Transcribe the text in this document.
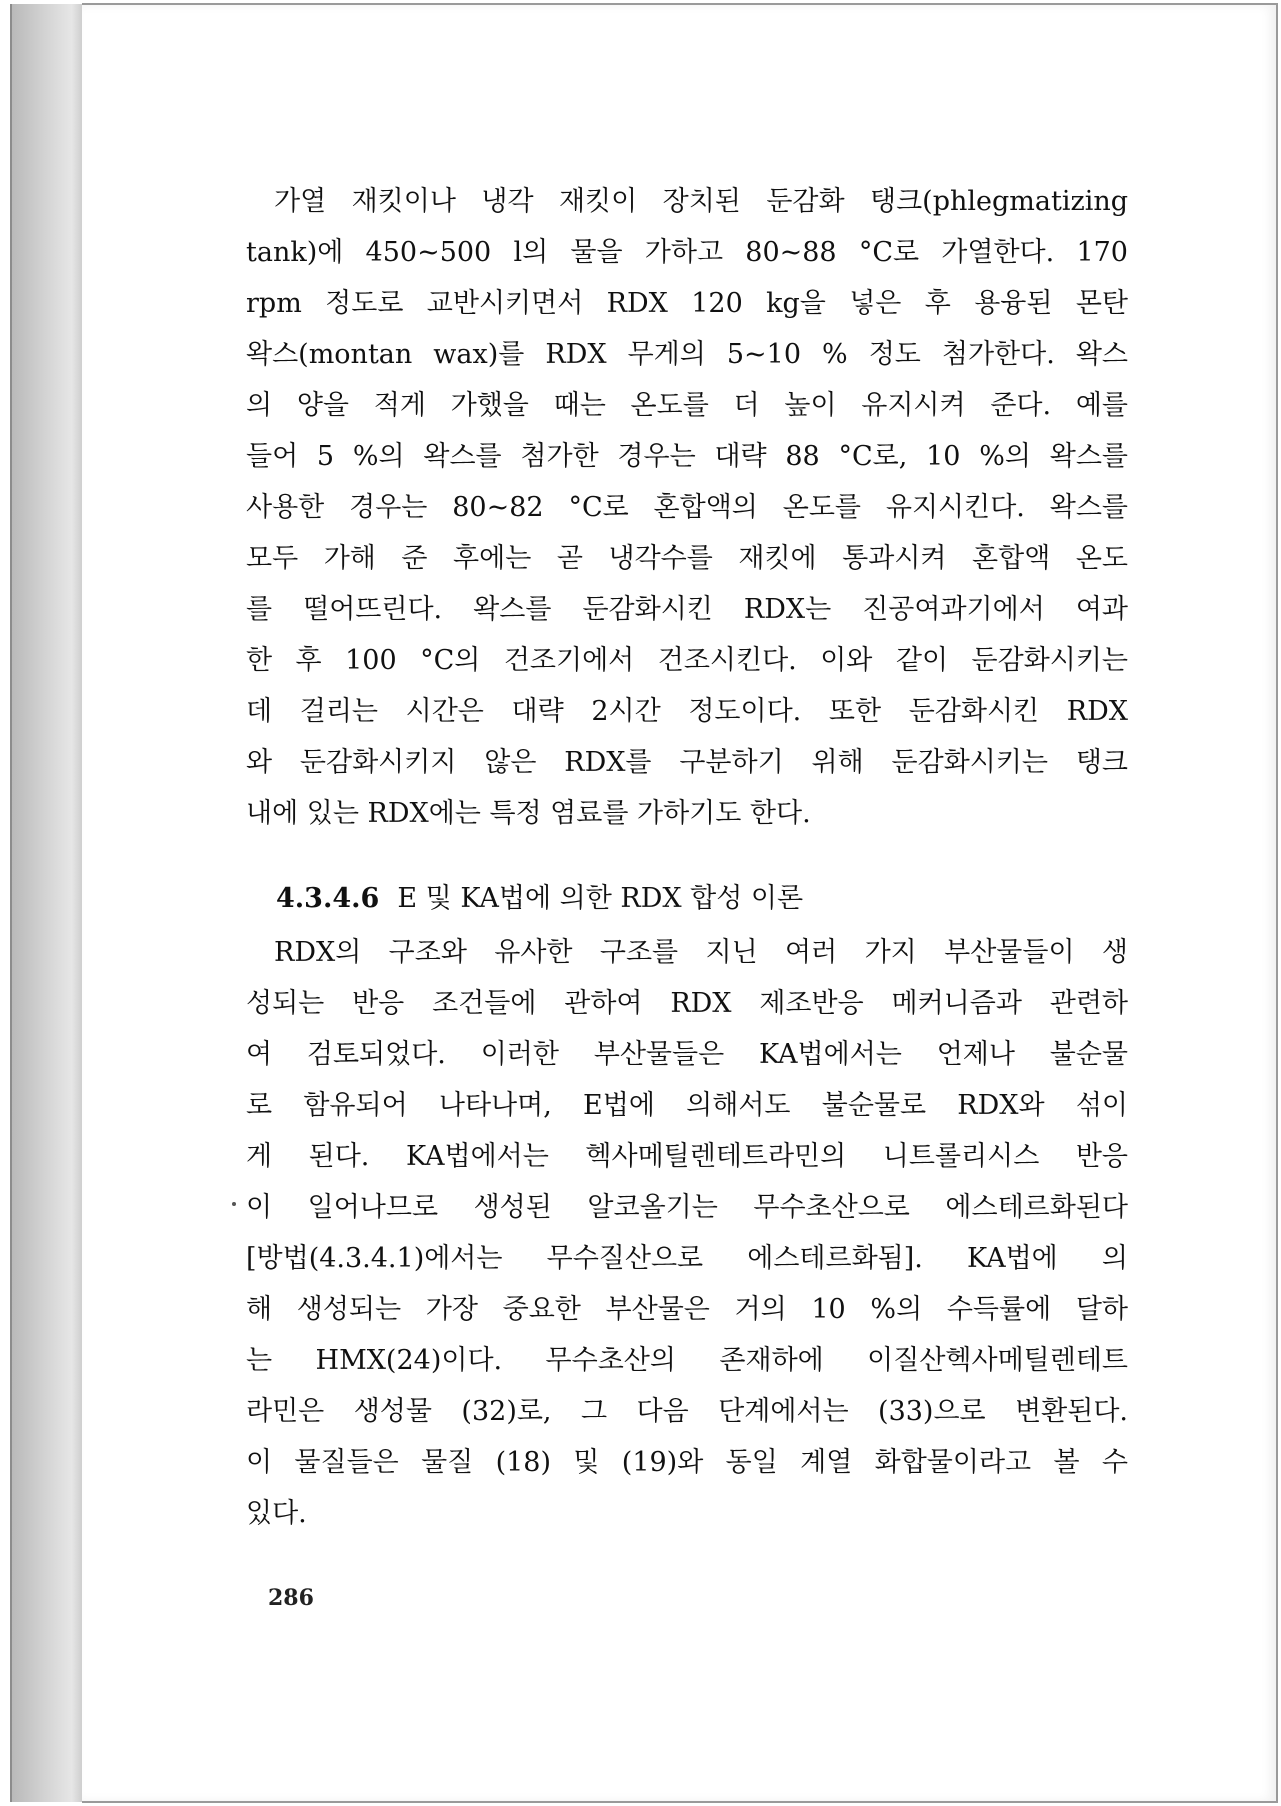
가열 재킷이나 냉각 재킷이 장치된 둔감화 탱크(phlegmatizing
tank)에 450~500 l의 물을 가하고 80~88 °C로 가열한다. 170
rpm 정도로 교반시키면서 RDX 120 kg을 넣은 후 용융된 몬탄
왁스(montan wax)를 RDX 무게의 5~10 % 정도 첨가한다. 왁스
의 양을 적게 가했을 때는 온도를 더 높이 유지시켜 준다. 예를
들어 5 %의 왁스를 첨가한 경우는 대략 88 °C로, 10 %의 왁스를
사용한 경우는 80~82 °C로 혼합액의 온도를 유지시킨다. 왁스를
모두 가해 준 후에는 곧 냉각수를 재킷에 통과시켜 혼합액 온도
를 떨어뜨린다. 왁스를 둔감화시킨 RDX는 진공여과기에서 여과
한 후 100 °C의 건조기에서 건조시킨다. 이와 같이 둔감화시키는
데 걸리는 시간은 대략 2시간 정도이다. 또한 둔감화시킨 RDX
와 둔감화시키지 않은 RDX를 구분하기 위해 둔감화시키는 탱크
내에 있는 RDX에는 특정 염료를 가하기도 한다.
4.3.4.6 E 및 KA법에 의한 RDX 합성 이론
RDX의 구조와 유사한 구조를 지닌 여러 가지 부산물들이 생
성되는 반응 조건들에 관하여 RDX 제조반응 메커니즘과 관련하
여 검토되었다. 이러한 부산물들은 KA법에서는 언제나 불순물
로 함유되어 나타나며, E법에 의해서도 불순물로 RDX와 섞이
게 된다. KA법에서는 헥사메틸렌테트라민의 니트롤리시스 반응
이 일어나므로 생성된 알코올기는 무수초산으로 에스테르화된다
[방법(4.3.4.1)에서는 무수질산으로 에스테르화됨]. KA법에 의
해 생성되는 가장 중요한 부산물은 거의 10 %의 수득률에 달하
는 HMX(24)이다. 무수초산의 존재하에 이질산헥사메틸렌테트
라민은 생성물 (32)로, 그 다음 단계에서는 (33)으로 변환된다.
이 물질들은 물질 (18) 및 (19)와 동일 계열 화합물이라고 볼 수
있다.
286
